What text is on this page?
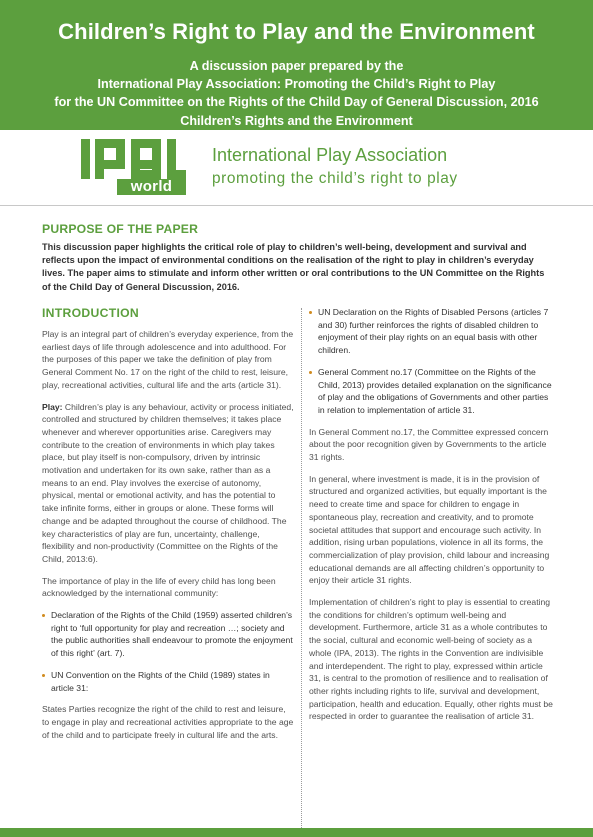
Children’s Right to Play and the Environment
A discussion paper prepared by the
International Play Association: Promoting the Child’s Right to Play
for the UN Committee on the Rights of the Child Day of General Discussion, 2016
Children’s Rights and the Environment
world
International Play Association
promoting the child’s right to play
PURPOSE OF THE PAPER
This discussion paper highlights the critical role of play to children’s well-being, development and survival and reflects upon the impact of environmental conditions on the realisation of the right to play in children’s everyday lives. The paper aims to stimulate and inform other written or oral contributions to the UN Committee on the Rights of the Child Day of General Discussion, 2016.
INTRODUCTION

Play is an integral part of children’s everyday experience, from the earliest days of life through adolescence and into adulthood. For the purposes of this paper we take the definition of play from General Comment No. 17 on the right of the child to rest, leisure, play, recreational activities, cultural life and the arts (article 31).

Play: Children’s play is any behaviour, activity or process initiated, controlled and structured by children themselves; it takes place whenever and wherever opportunities arise. Caregivers may contribute to the creation of environments in which play takes place, but play itself is non-compulsory, driven by intrinsic motivation and undertaken for its own sake, rather than as a means to an end. Play involves the exercise of autonomy, physical, mental or emotional activity, and has the potential to take infinite forms, either in groups or alone. These forms will change and be adapted throughout the course of childhood. The key characteristics of play are fun, uncertainty, challenge, flexibility and non-productivity (Committee on the Rights of the Child, 2013:6).

The importance of play in the life of every child has long been acknowledged by the international community:

Declaration of the Rights of the Child (1959) asserted children’s right to ‘full opportunity for play and recreation …; society and the public authorities shall endeavour to promote the enjoyment of this right’ (art. 7).

UN Convention on the Rights of the Child (1989) states in article 31:

States Parties recognize the right of the child to rest and leisure, to engage in play and recreational activities appropriate to the age of the child and to participate freely in cultural life and the arts.

UN Declaration on the Rights of Disabled Persons (articles 7 and 30) further reinforces the rights of disabled children to enjoyment of their play rights on an equal basis with other children.

General Comment no.17 (Committee on the Rights of the Child, 2013) provides detailed explanation on the significance of play and the obligations of Governments and other parties in relation to implementation of article 31.

In General Comment no.17, the Committee expressed concern about the poor recognition given by Governments to the article 31 rights.

In general, where investment is made, it is in the provision of structured and organized activities, but equally important is the need to create time and space for children to engage in spontaneous play, recreation and creativity, and to promote societal attitudes that support and encourage such activity. In addition, rising urban populations, violence in all its forms, the commercialization of play provision, child labour and increasing educational demands are all affecting children’s opportunity to enjoy their article 31 rights.

Implementation of children’s right to play is essential to creating the conditions for children’s optimum well-being and development. Furthermore, article 31 as a whole contributes to the social, cultural and economic well-being of society as a whole (IPA, 2013). The rights in the Convention are indivisible and interdependent. The right to play, expressed within article 31, is central to the promotion of resilience and to realisation of other rights including rights to life, survival and development, participation, health and education. Equally, other rights must be respected in order to guarantee the realisation of article 31.
